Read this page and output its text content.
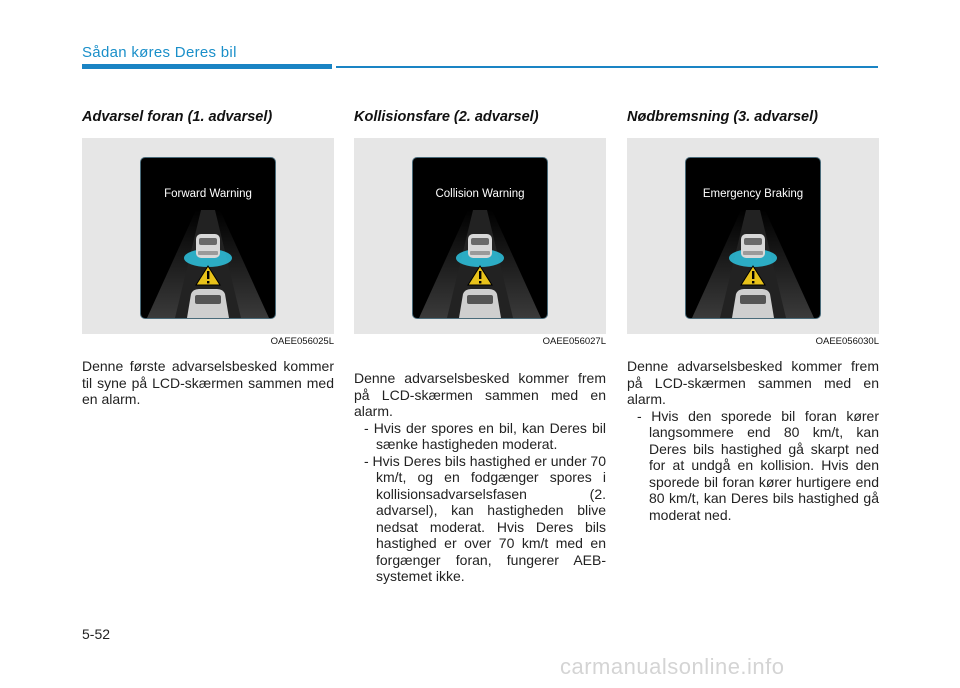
Sådan køres Deres bil
Advarsel foran (1. advarsel)
Forward Warning
OAEE056025L

Denne første advarselsbesked kommer til syne på LCD-skærmen sammen med en alarm.

Kollisionsfare (2. advarsel)
Collision Warning
OAEE056027L

Denne advarselsbesked kommer frem på LCD-skærmen sammen med en alarm.

- Hvis der spores en bil, kan Deres bil sænke hastigheden moderat.

- Hvis Deres bils hastighed er under 70 km/t, og en fodgænger spores i kollisionsadvarselsfasen (2. advarsel), kan hastigheden blive nedsat moderat. Hvis Deres bils hastighed er over 70 km/t med en forgænger foran, fungerer AEB-systemet ikke.

Nødbremsning (3. advarsel)
Emergency Braking
OAEE056030L

Denne advarselsbesked kommer frem på LCD-skærmen sammen med en alarm.

- Hvis den sporede bil foran kører langsommere end 80 km/t, kan Deres bils hastighed gå skarpt ned for at undgå en kollision. Hvis den sporede bil foran kører hurtigere end 80 km/t, kan Deres bils hastighed gå moderat ned.

5-52
carmanualsonline.info
